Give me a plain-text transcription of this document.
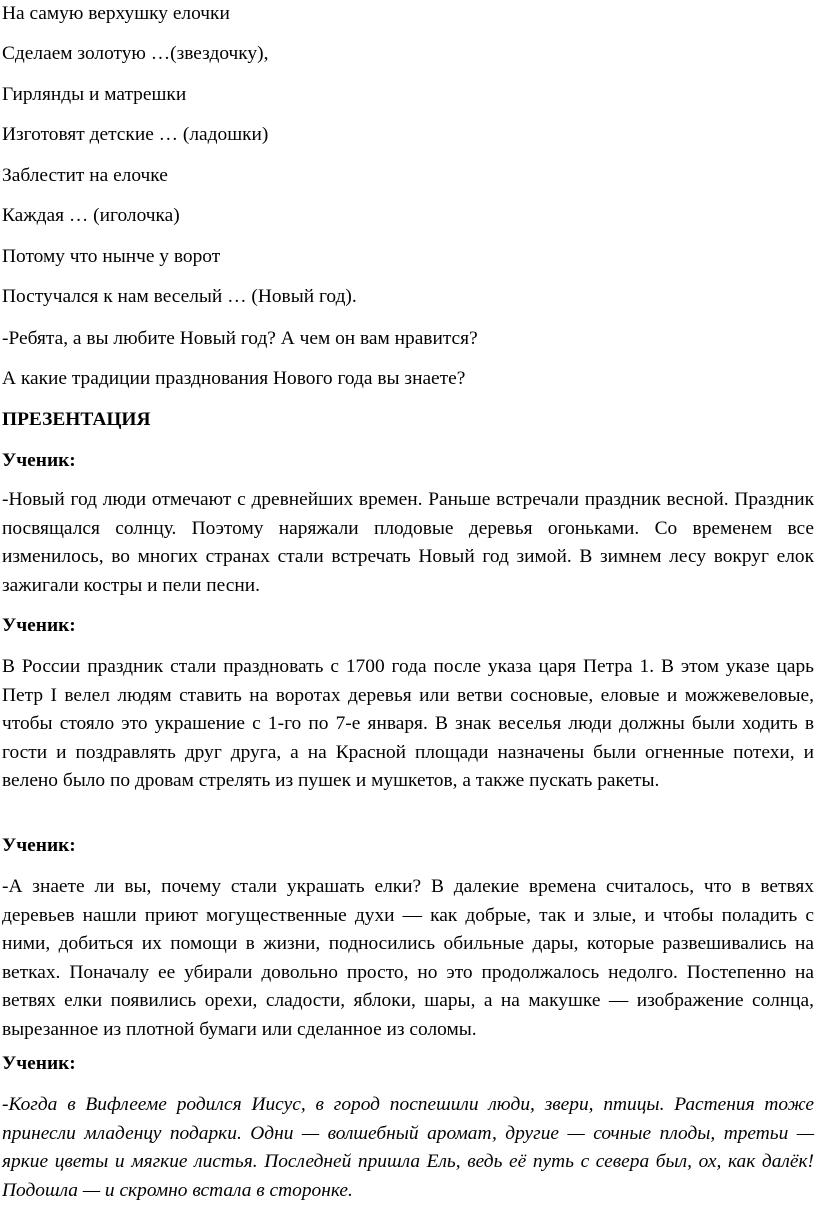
На самую верхушку елочки
Сделаем золотую …(звездочку),
Гирлянды и матрешки
Изготовят детские … (ладошки)
Заблестит на елочке
Каждая … (иголочка)
Потому что нынче у ворот
Постучался к нам веселый … (Новый год).
-Ребята, а вы любите Новый год? А чем он вам нравится?
А какие традиции празднования Нового года вы знаете?
ПРЕЗЕНТАЦИЯ
Ученик:
-Новый год люди отмечают с древнейших времен. Раньше встречали праздник весной. Праздник посвящался солнцу. Поэтому наряжали плодовые деревья огоньками. Со временем все изменилось, во многих странах стали встречать Новый год зимой. В зимнем лесу вокруг елок зажигали костры и пели песни.
Ученик:
В России праздник стали праздновать с 1700 года после указа царя Петра 1. В этом указе царь Петр I велел людям ставить на воротах деревья или ветви сосновые, еловые и можжевеловые, чтобы стояло это украшение с 1-го по 7-е января. В знак веселья люди должны были ходить в гости и поздравлять друг друга, а на Красной площади назначены были огненные потехи, и велено было по дровам стрелять из пушек и мушкетов, а также пускать ракеты.
Ученик:
-А знаете ли вы, почему стали украшать елки? В далекие времена считалось, что в ветвях деревьев нашли приют могущественные духи — как добрые, так и злые, и чтобы поладить с ними, добиться их помощи в жизни, подносились обильные дары, которые развешивались на ветках. Поначалу ее убирали довольно просто, но это продолжалось недолго. Постепенно на ветвях елки появились орехи, сладости, яблоки, шары, а на макушке — изображение солнца, вырезанное из плотной бумаги или сделанное из соломы.
Ученик:
-Когда в Вифлееме родился Иисус, в город поспешили люди, звери, птицы. Растения тоже принесли младенцу подарки. Одни — волшебный аромат, другие — сочные плоды, третьи — яркие цветы и мягкие листья. Последней пришла Ель, ведь её путь с севера был, ох, как далёк! Подошла — и скромно встала в сторонке.
